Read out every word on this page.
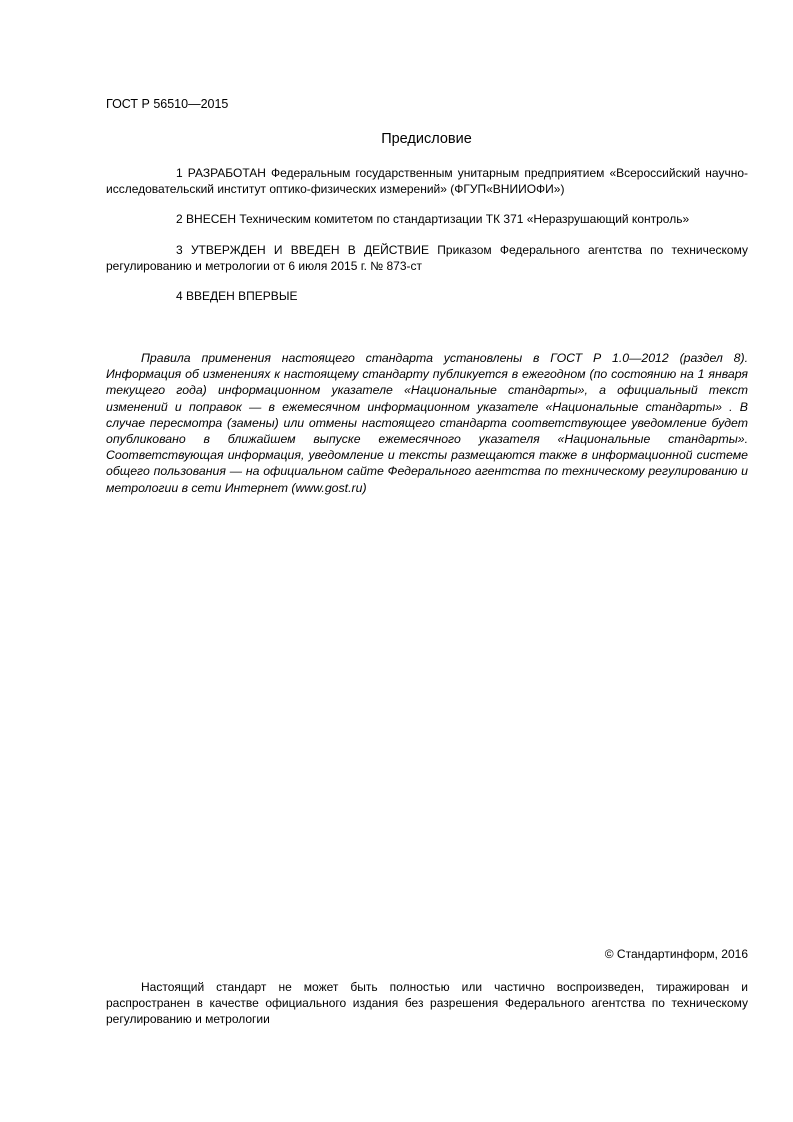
ГОСТ Р 56510—2015
Предисловие
1 РАЗРАБОТАН Федеральным государственным унитарным предприятием «Всероссийский научно-исследовательский институт оптико-физических измерений» (ФГУП«ВНИИОФИ»)
2 ВНЕСЕН Техническим комитетом по стандартизации ТК 371 «Неразрушающий контроль»
3 УТВЕРЖДЕН И ВВЕДЕН В ДЕЙСТВИЕ Приказом Федерального агентства по техническому регулированию и метрологии от 6 июля 2015 г. № 873-ст
4 ВВЕДЕН ВПЕРВЫЕ
Правила применения настоящего стандарта установлены в ГОСТ Р 1.0—2012 (раздел 8). Информация об изменениях к настоящему стандарту публикуется в ежегодном (по состоянию на 1 января текущего года) информационном указателе «Национальные стандарты», а официальный текст изменений и поправок — в ежемесячном информационном указателе «Национальные стандарты» . В случае пересмотра (замены) или отмены настоящего стандарта соответствующее уведомление будет опубликовано в ближайшем выпуске ежемесячного указателя «Национальные стандарты». Соответствующая информация, уведомление и тексты размещаются также в информационной системе общего пользования — на официальном сайте Федерального агентства по техническому регулированию и метрологии в сети Интернет (www.gost.ru)
© Стандартинформ, 2016
Настоящий стандарт не может быть полностью или частично воспроизведен, тиражирован и распространен в качестве официального издания без разрешения Федерального агентства по техническому регулированию и метрологии
